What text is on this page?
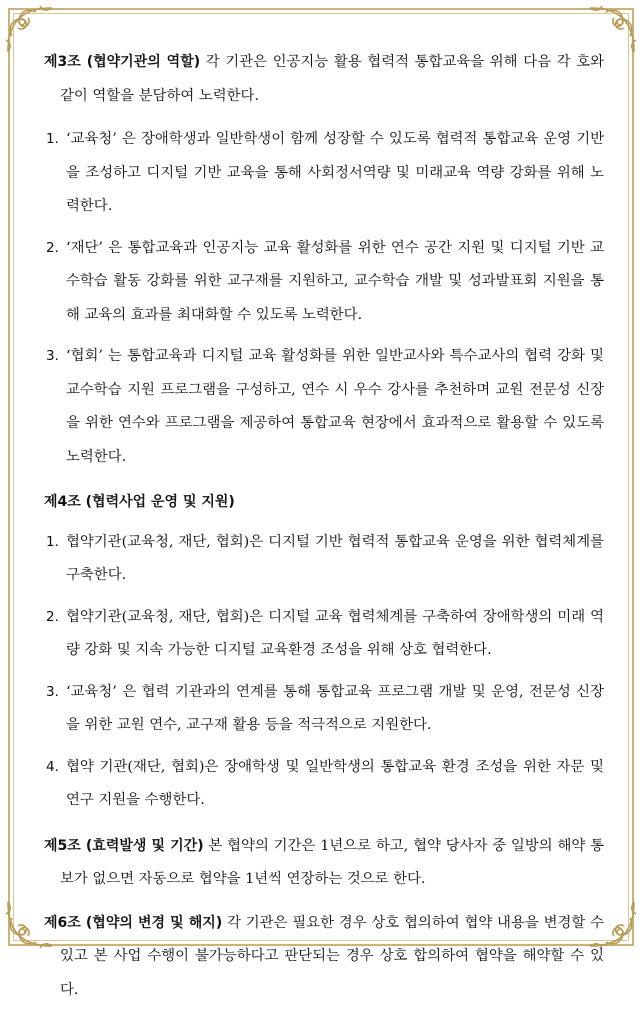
제3조 (협약기관의 역할) 각 기관은 인공지능 활용 협력적 통합교육을 위해 다음 각 호와 같이 역할을 분담하여 노력한다.
1. ‘교육청’ 은 장애학생과 일반학생이 함께 성장할 수 있도록 협력적 통합교육 운영 기반을 조성하고 디지털 기반 교육을 통해 사회정서역량 및 미래교육 역량 강화를 위해 노력한다.
2. ‘재단’ 은 통합교육과 인공지능 교육 활성화를 위한 연수 공간 지원 및 디지털 기반 교수학습 활동 강화를 위한 교구재를 지원하고, 교수학습 개발 및 성과발표회 지원을 통해 교육의 효과를 최대화할 수 있도록 노력한다.
3. ‘협회’ 는 통합교육과 디지털 교육 활성화를 위한 일반교사와 특수교사의 협력 강화 및 교수학습 지원 프로그램을 구성하고, 연수 시 우수 강사를 추천하며 교원 전문성 신장을 위한 연수와 프로그램을 제공하여 통합교육 현장에서 효과적으로 활용할 수 있도록 노력한다.
제4조 (협력사업 운영 및 지원)
1. 협약기관(교육청, 재단, 협회)은 디지털 기반 협력적 통합교육 운영을 위한 협력체계를 구축한다.
2. 협약기관(교육청, 재단, 협회)은 디지털 교육 협력체계를 구축하여 장애학생의 미래 역량 강화 및 지속 가능한 디지털 교육환경 조성을 위해 상호 협력한다.
3. ‘교육청’ 은 협력 기관과의 연계를 통해 통합교육 프로그램 개발 및 운영, 전문성 신장을 위한 교원 연수, 교구재 활용 등을 적극적으로 지원한다.
4. 협약 기관(재단, 협회)은 장애학생 및 일반학생의 통합교육 환경 조성을 위한 자문 및 연구 지원을 수행한다.
제5조 (효력발생 및 기간) 본 협약의 기간은 1년으로 하고, 협약 당사자 중 일방의 해약 통보가 없으면 자동으로 협약을 1년씩 연장하는 것으로 한다.
제6조 (협약의 변경 및 해지) 각 기관은 필요한 경우 상호 협의하여 협약 내용을 변경할 수 있고 본 사업 수행이 불가능하다고 판단되는 경우 상호 합의하여 협약을 해약할 수 있다.
